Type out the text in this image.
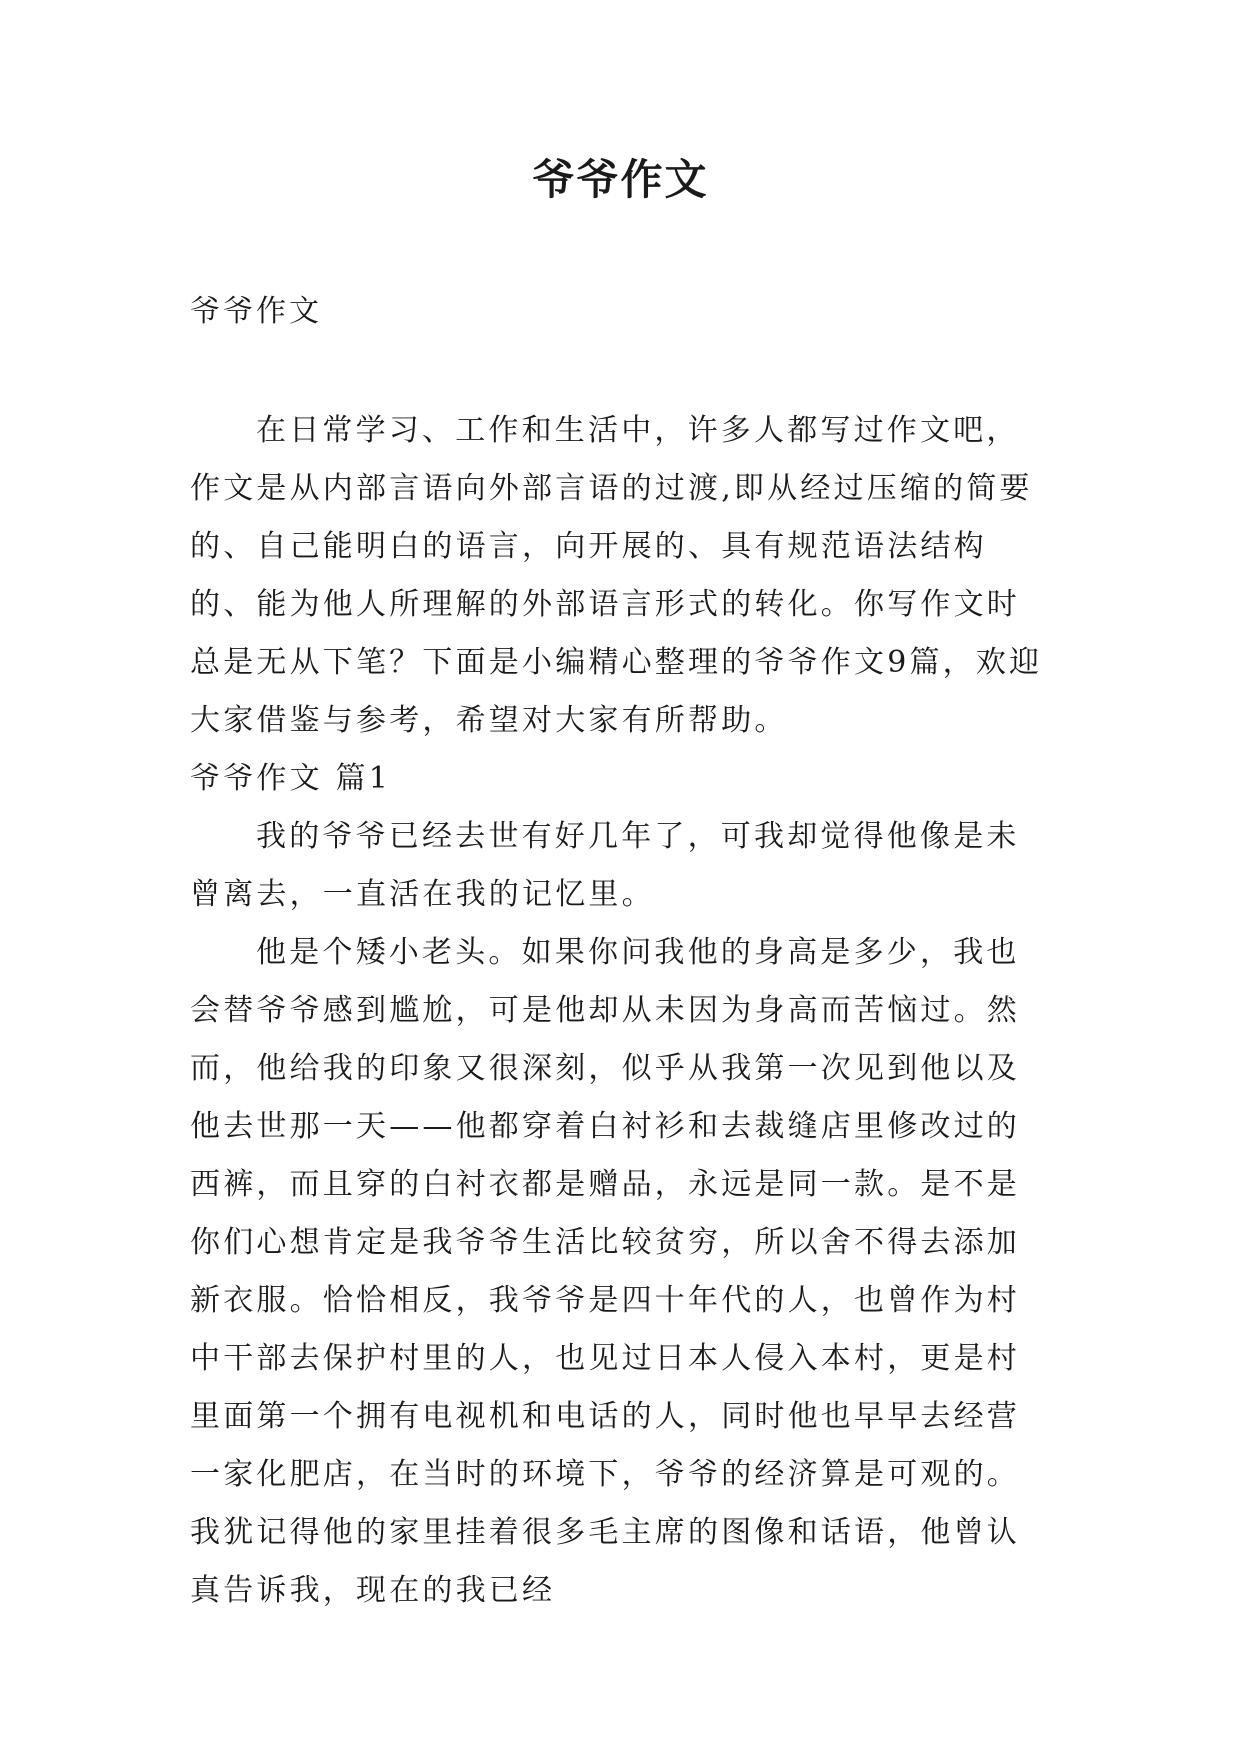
爷爷作文

爷爷作文

在日常学习、工作和生活中，许多人都写过作文吧，作文是从内部言语向外部言语的过渡,即从经过压缩的简要的、自己能明白的语言，向开展的、具有规范语法结构的、能为他人所理解的外部语言形式的转化。你写作文时总是无从下笔？下面是小编精心整理的爷爷作文9篇，欢迎大家借鉴与参考，希望对大家有所帮助。

爷爷作文 篇1

我的爷爷已经去世有好几年了，可我却觉得他像是未曾离去，一直活在我的记忆里。

他是个矮小老头。如果你问我他的身高是多少，我也会替爷爷感到尴尬，可是他却从未因为身高而苦恼过。然而，他给我的印象又很深刻，似乎从我第一次见到他以及他去世那一天——他都穿着白衬衫和去裁缝店里修改过的西裤，而且穿的白衬衣都是赠品，永远是同一款。是不是你们心想肯定是我爷爷生活比较贫穷，所以舍不得去添加新衣服。恰恰相反，我爷爷是四十年代的人，也曾作为村中干部去保护村里的人，也见过日本人侵入本村，更是村里面第一个拥有电视机和电话的人，同时他也早早去经营一家化肥店，在当时的环境下，爷爷的经济算是可观的。我犹记得他的家里挂着很多毛主席的图像和话语，他曾认真告诉我，现在的我已经
